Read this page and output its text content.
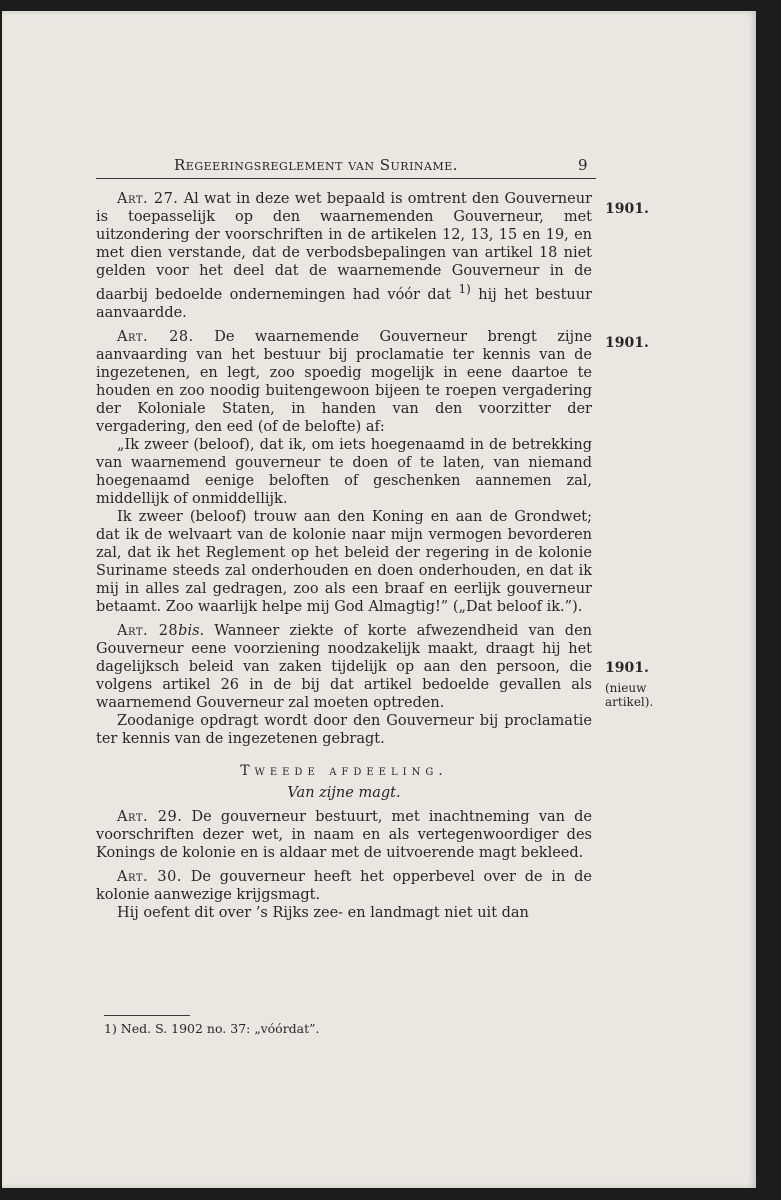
Regeeringsreglement van Suriname.	9

Art. 27. Al wat in deze wet bepaald is omtrent den Gouverneur is toepasselijk op den waarnemenden Gouverneur, met uitzondering der voorschriften in de artikelen 12, 13, 15 en 19, en met dien verstande, dat de verbodsbepalingen van artikel 18 niet gelden voor het deel dat de waarnemende Gouverneur in de daarbij bedoelde ondernemingen had vóór dat $^{1)}$ hij het bestuur aanvaardde.

Art. 28. De waarnemende Gouverneur brengt zijne aanvaarding van het bestuur bij proclamatie ter kennis van de ingezetenen, en legt, zoo spoedig mogelijk in eene daartoe te houden en zoo noodig buitengewoon bijeen te roepen vergadering der Koloniale Staten, in handen van den voorzitter der vergadering, den eed (of de belofte) af:

„Ik zweer (beloof), dat ik, om iets hoegenaamd in de betrekking van waarnemend gouverneur te doen of te laten, van niemand hoegenaamd eenige beloften of geschenken aannemen zal, middellijk of onmiddellijk.

Ik zweer (beloof) trouw aan den Koning en aan de Grondwet; dat ik de welvaart van de kolonie naar mijn vermogen bevorderen zal, dat ik het Reglement op het beleid der regering in de kolonie Suriname steeds zal onderhouden en doen onderhouden, en dat ik mij in alles zal gedragen, zoo als een braaf en eerlijk gouverneur betaamt. Zoo waarlijk helpe mij God Almagtig!” („Dat beloof ik.”).

Art. 28bis. Wanneer ziekte of korte afwezendheid van den Gouverneur eene voorziening noodzakelijk maakt, draagt hij het dagelijksch beleid van zaken tijdelijk op aan den persoon, die volgens artikel 26 in de bij dat artikel bedoelde gevallen als waarnemend Gouverneur zal moeten optreden.

Zoodanige opdragt wordt door den Gouverneur bij proclamatie ter kennis van de ingezetenen gebragt.

Tweede afdeeling.

Van zijne magt.

Art. 29. De gouverneur bestuurt, met inachtneming van de voorschriften dezer wet, in naam en als vertegenwoordiger des Konings de kolonie en is aldaar met de uitvoerende magt bekleed.

Art. 30. De gouverneur heeft het opperbevel over de in de kolonie aanwezige krijgsmagt.

Hij oefent dit over ’s Rijks zee- en landmagt niet uit dan

1901.
1901.
1901.
(nieuw
artikel).
1) Ned. S. 1902 no. 37: „vóórdat”.
